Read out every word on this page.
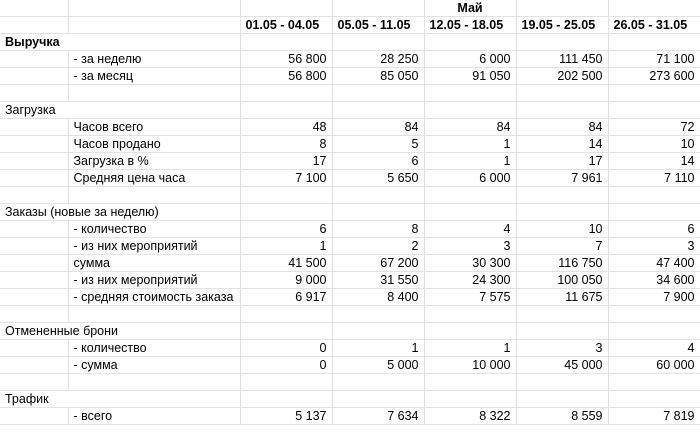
				Май		
		01.05 - 04.05	05.05 - 11.05	12.05 - 18.05	19.05 - 25.05	26.05 - 31.05
Выручка						
	- за неделю	56 800	28 250	6 000	111 450	71 100
	- за месяц	56 800	85 050	91 050	202 500	273 600

Загрузка						
	Часов всего	48	84	84	84	72
	Часов продано	8	5	1	14	10
	Загрузка в %	17	6	1	17	14
	Средняя цена часа	7 100	5 650	6 000	7 961	7 110

Заказы (новые за неделю)						
	- количество	6	8	4	10	6
	- из них мероприятий	1	2	3	7	3
	сумма	41 500	67 200	30 300	116 750	47 400
	- из них мероприятий	9 000	31 550	24 300	100 050	34 600
	- средняя стоимость заказа	6 917	8 400	7 575	11 675	7 900

Отмененные брони						
	- количество	0	1	1	3	4
	- сумма	0	5 000	10 000	45 000	60 000

Трафик						
	- всего	5 137	7 634	8 322	8 559	7 819
